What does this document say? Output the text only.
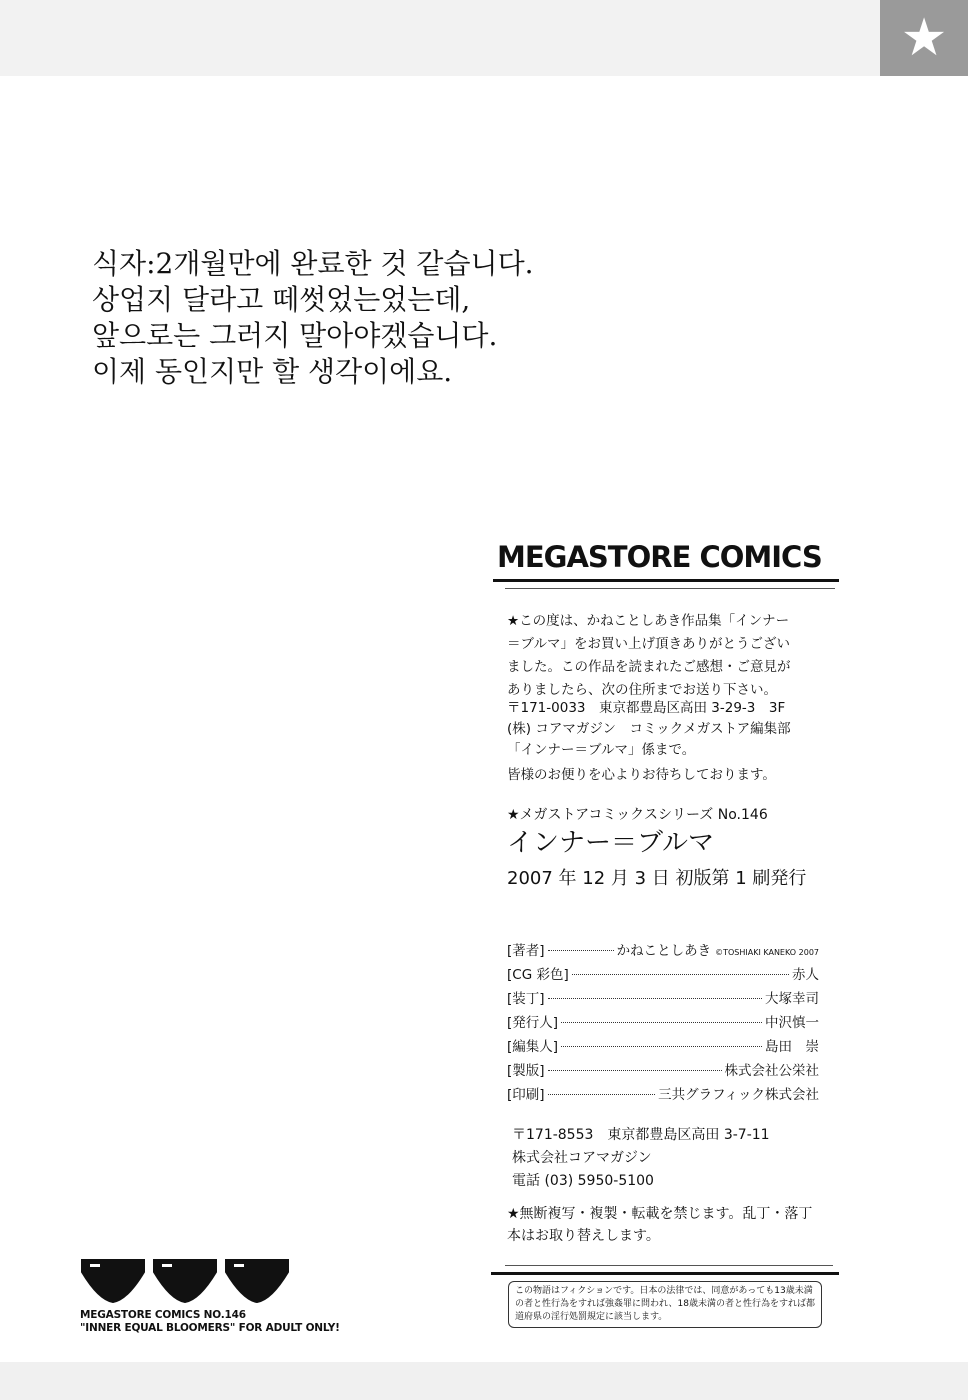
★
식자:2개월만에 완료한 것 같습니다.
상업지 달라고 떼썻었는었는데,
앞으로는 그러지 말아야겠습니다.
이제 동인지만 할 생각이에요.
MEGASTORE COMICS
★この度は、かねことしあき作品集「インナー
＝ブルマ」をお買い上げ頂きありがとうござい
ました。この作品を読まれたご感想・ご意見が
ありましたら、次の住所までお送り下さい。
〒171-0033　東京都豊島区高田 3-29-3　3F
(株) コアマガジン　コミックメガストア編集部
「インナー＝ブルマ」係まで。
皆様のお便りを心よりお待ちしております。
★メガストアコミックスシリーズ No.146
インナー＝ブルマ
2007 年 12 月 3 日 初版第 1 刷発行
[著者]	かねことしあき ©TOSHIAKI KANEKO 2007
[CG 彩色]	赤人
[装丁]	大塚幸司
[発行人]	中沢慎一
[編集人]	島田　崇
[製版]	株式会社公栄社
[印刷]	三共グラフィック株式会社
〒171-8553　東京都豊島区高田 3-7-11
株式会社コアマガジン
電話 (03) 5950-5100
★無断複写・複製・転載を禁じます。乱丁・落丁
本はお取り替えします。
この物語はフィクションです。日本の法律では、同意があっても13歳未満の者と性行為をすれば強姦罪に問われ、18歳未満の者と性行為をすれば都道府県の淫行処罰規定に該当します。
MEGASTORE COMICS NO.146
"INNER EQUAL BLOOMERS" FOR ADULT ONLY!
